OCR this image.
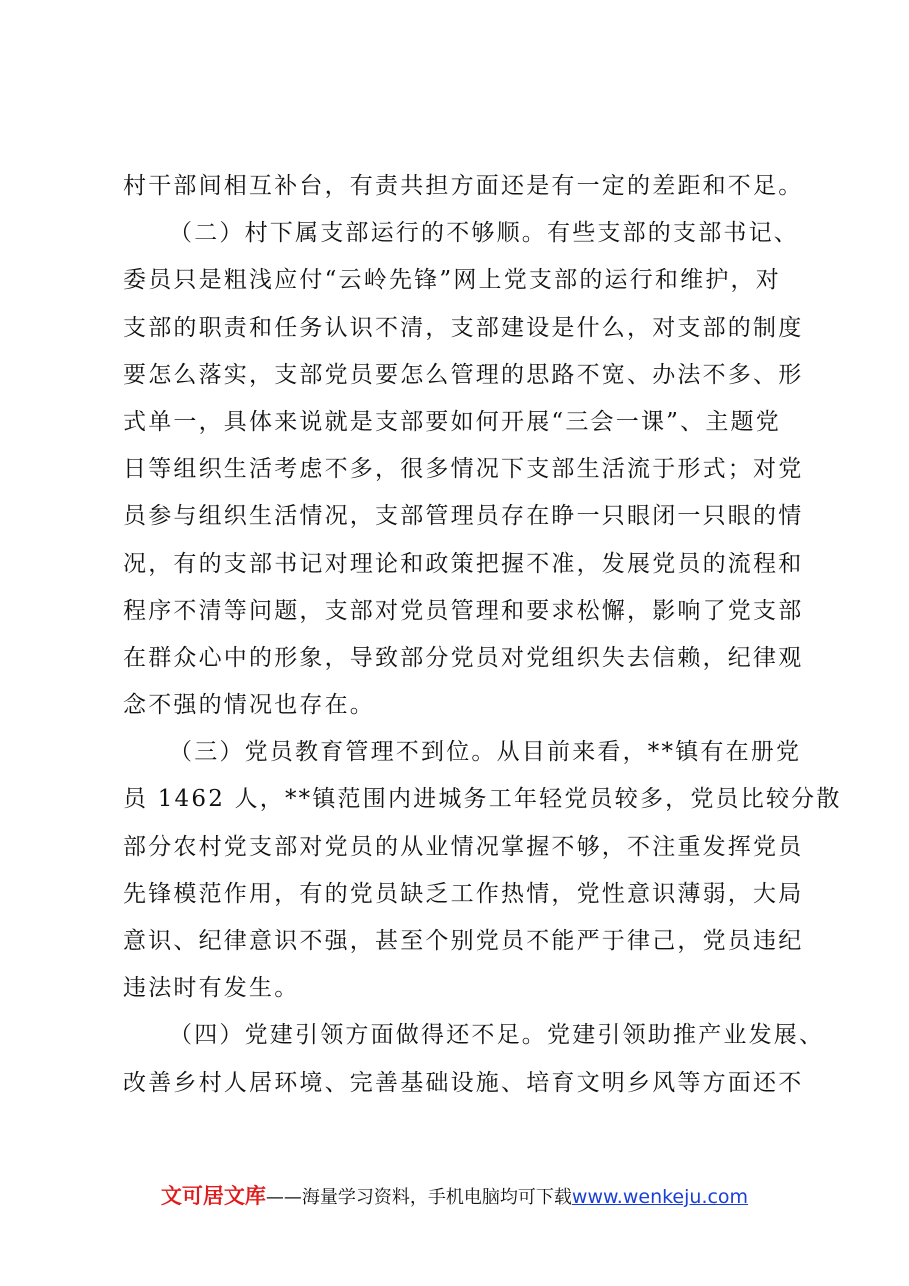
村干部间相互补台，有责共担方面还是有一定的差距和不足。
（二）村下属支部运行的不够顺。有些支部的支部书记、
委员只是粗浅应付“云岭先锋”网上党支部的运行和维护，对
支部的职责和任务认识不清，支部建设是什么，对支部的制度
要怎么落实，支部党员要怎么管理的思路不宽、办法不多、形
式单一，具体来说就是支部要如何开展“三会一课”、主题党
日等组织生活考虑不多，很多情况下支部生活流于形式；对党
员参与组织生活情况，支部管理员存在睁一只眼闭一只眼的情
况，有的支部书记对理论和政策把握不准，发展党员的流程和
程序不清等问题，支部对党员管理和要求松懈，影响了党支部
在群众心中的形象，导致部分党员对党组织失去信赖，纪律观
念不强的情况也存在。
（三）党员教育管理不到位。从目前来看，**镇有在册党
员 1462 人，**镇范围内进城务工年轻党员较多，党员比较分散
部分农村党支部对党员的从业情况掌握不够，不注重发挥党员
先锋模范作用，有的党员缺乏工作热情，党性意识薄弱，大局
意识、纪律意识不强，甚至个别党员不能严于律己，党员违纪
违法时有发生。
（四）党建引领方面做得还不足。党建引领助推产业发展、
改善乡村人居环境、完善基础设施、培育文明乡风等方面还不
文可居文库——海量学习资料，手机电脑均可下载www.wenkeju.com
